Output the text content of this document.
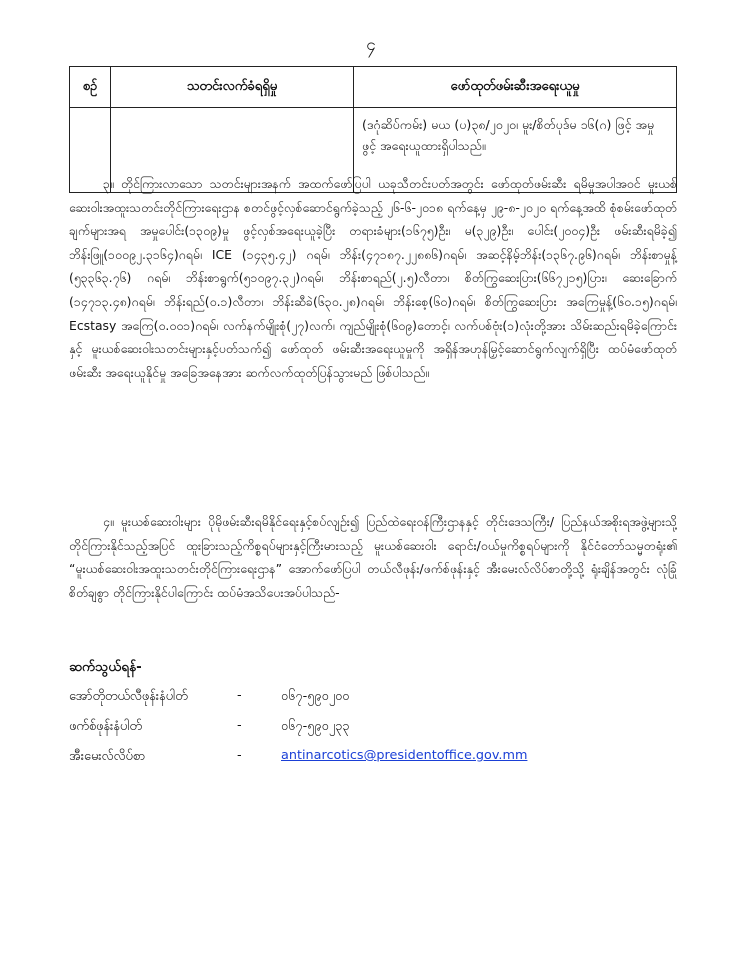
၄
စဉ်	သတင်းလက်ခံရရှိမှု	ဖော်ထုတ်ဖမ်းဆီးအရေးယူမှု
		(ဒဂုံဆိပ်ကမ်း) မယ (ပ)၃၈/၂၀၂၀၊ မူး/စိတ်ပုဒ်မ ၁၆(ဂ) ဖြင့် အမှုဖွင့် အရေးယူထားရှိပါသည်။

၃။ တိုင်ကြားလာသော သတင်းများအနက် အထက်ဖော်ပြပါ ယခုသီတင်းပတ်အတွင်း ဖော်ထုတ်ဖမ်းဆီး ရမိမှုအပါအဝင် မူးယစ်ဆေးဝါးအထူးသတင်းတိုင်ကြားရေးဌာန စတင်ဖွင့်လှစ်ဆောင်ရွက်ခဲ့သည့် ၂၆-၆-၂၀၁၈ ရက်နေ့မှ ၂၉-၈-၂၀၂၀ ရက်နေ့အထိ စုံစမ်းဖော်ထုတ်ချက်များအရ အမှုပေါင်း(၁၃၀၉)မှု ဖွင့်လှစ်အရေးယူခဲ့ပြီး တရားခံများ(၁၆၇၅)ဦး၊ မ(၃၂၉)ဦး၊ ပေါင်း(၂၀၀၄)ဦး ဖမ်းဆီးရမိခဲ့၍ ဘိန်းဖြူ(၁၀၀၉၂.၃၁၆၄)ဂရမ်၊ ICE (၁၄၃၅.၄၂) ဂရမ်၊ ဘိန်း(၄၇၁၈၇.၂၂၈၈၆)ဂရမ်၊ အဆင့်နိမ့်ဘိန်း(၁၃၆၇.၉၆)ဂရမ်၊ ဘိန်းစာမှုန့် (၅၃၃၆၃.၇၆) ဂရမ်၊ ဘိန်းစာရွက်(၅၁၀၉၇.၃၂)ဂရမ်၊ ဘိန်းစာရည်(၂.၅)လီတာ၊ စိတ်ကြွဆေးပြား(၆၆၇၂၁၅)ပြား၊ ဆေးခြောက် (၁၄၇၁၃.၄၈)ဂရမ်၊ ဘိန်းရည်(၀.၁)လီတာ၊ ဘိန်းဆီခဲ(၆၃၀.၂၈)ဂရမ်၊ ဘိန်းစေ့(၆၀)ဂရမ်၊ စိတ်ကြွဆေးပြား အကြေမှုန့်(၆၀.၁၅)ဂရမ်၊ Ecstasy အကြေ(၀.၀၀၁)ဂရမ်၊ လက်နက်မျိုးစုံ(၂၇)လက်၊ ကျည်မျိုးစုံ(၆၀၉)တောင့်၊ လက်ပစ်ဗုံး(၁)လုံးတို့အား သိမ်းဆည်းရမိခဲ့ကြောင်းနှင့် မူးယစ်ဆေးဝါးသတင်းများနှင့်ပတ်သက်၍ ဖော်ထုတ် ဖမ်းဆီးအရေးယူမှုကို အရှိန်အဟုန်မြှင့်ဆောင်ရွက်လျက်ရှိပြီး ထပ်မံဖော်ထုတ်ဖမ်းဆီး အရေးယူနိုင်မှု အခြေအနေအား ဆက်လက်ထုတ်ပြန်သွားမည် ဖြစ်ပါသည်။

၄။ မူးယစ်ဆေးဝါးများ ပိုမိုဖမ်းဆီးရမိနိုင်ရေးနှင့်စပ်လျဉ်း၍ ပြည်ထဲရေးဝန်ကြီးဌာနနှင့် တိုင်းဒေသကြီး/ ပြည်နယ်အစိုးရအဖွဲ့များသို့ တိုင်ကြားနိုင်သည့်အပြင် ထူးခြားသည့်ကိစ္စရပ်များနှင့်ကြီးမားသည့် မူးယစ်ဆေးဝါး ရောင်း/ဝယ်မှုကိစ္စရပ်များကို နိုင်ငံတော်သမ္မတရုံး၏ “မူးယစ်ဆေးဝါးအထူးသတင်းတိုင်ကြားရေးဌာန” အောက်ဖော်ပြပါ တယ်လီဖုန်း/ဖက်စ်ဖုန်းနှင့် အီးမေးလ်လိပ်စာတို့သို့ ရုံးချိန်အတွင်း လုံခြုံစိတ်ချစွာ တိုင်ကြားနိုင်ပါကြောင်း ထပ်မံအသိပေးအပ်ပါသည်-

ဆက်သွယ်ရန်-
အော်တိုတယ်လီဖုန်းနံပါတ်	-	၀၆၇-၅၉၀၂၀၀
ဖက်စ်ဖုန်းနံပါတ်	-	၀၆၇-၅၉၀၂၃၃
အီးမေးလ်လိပ်စာ	-	antinarcotics@presidentoffice.gov.mm
